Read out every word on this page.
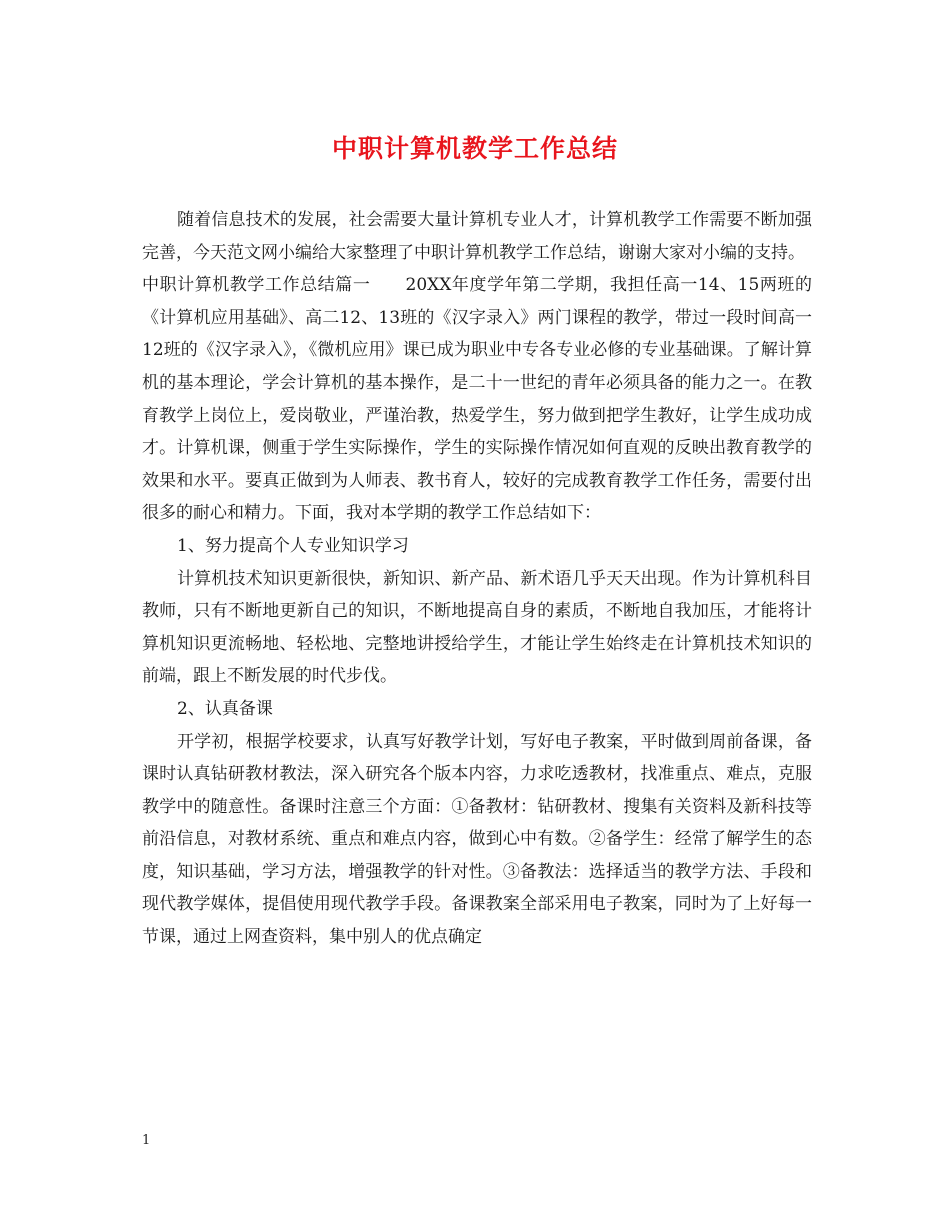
中职计算机教学工作总结

随着信息技术的发展，社会需要大量计算机专业人才，计算机教学工作需要不断加强完善，今天范文网小编给大家整理了中职计算机教学工作总结，谢谢大家对小编的支持。

中职计算机教学工作总结篇一　　20XX年度学年第二学期，我担任高一14、15两班的《计算机应用基础》、高二12、13班的《汉字录入》两门课程的教学，带过一段时间高一12班的《汉字录入》，《微机应用》课已成为职业中专各专业必修的专业基础课。了解计算机的基本理论，学会计算机的基本操作，是二十一世纪的青年必须具备的能力之一。在教育教学上岗位上，爱岗敬业，严谨治教，热爱学生，努力做到把学生教好，让学生成功成才。计算机课，侧重于学生实际操作，学生的实际操作情况如何直观的反映出教育教学的效果和水平。要真正做到为人师表、教书育人，较好的完成教育教学工作任务，需要付出很多的耐心和精力。下面，我对本学期的教学工作总结如下：

1、努力提高个人专业知识学习

计算机技术知识更新很快，新知识、新产品、新术语几乎天天出现。作为计算机科目教师，只有不断地更新自己的知识，不断地提高自身的素质，不断地自我加压，才能将计算机知识更流畅地、轻松地、完整地讲授给学生，才能让学生始终走在计算机技术知识的前端，跟上不断发展的时代步伐。

2、认真备课

开学初，根据学校要求，认真写好教学计划，写好电子教案，平时做到周前备课，备课时认真钻研教材教法，深入研究各个版本内容，力求吃透教材，找准重点、难点，克服教学中的随意性。备课时注意三个方面：①备教材：钻研教材、搜集有关资料及新科技等前沿信息，对教材系统、重点和难点内容，做到心中有数。②备学生：经常了解学生的态度，知识基础，学习方法，增强教学的针对性。③备教法：选择适当的教学方法、手段和现代教学媒体，提倡使用现代教学手段。备课教案全部采用电子教案，同时为了上好每一节课，通过上网查资料，集中别人的优点确定

1
